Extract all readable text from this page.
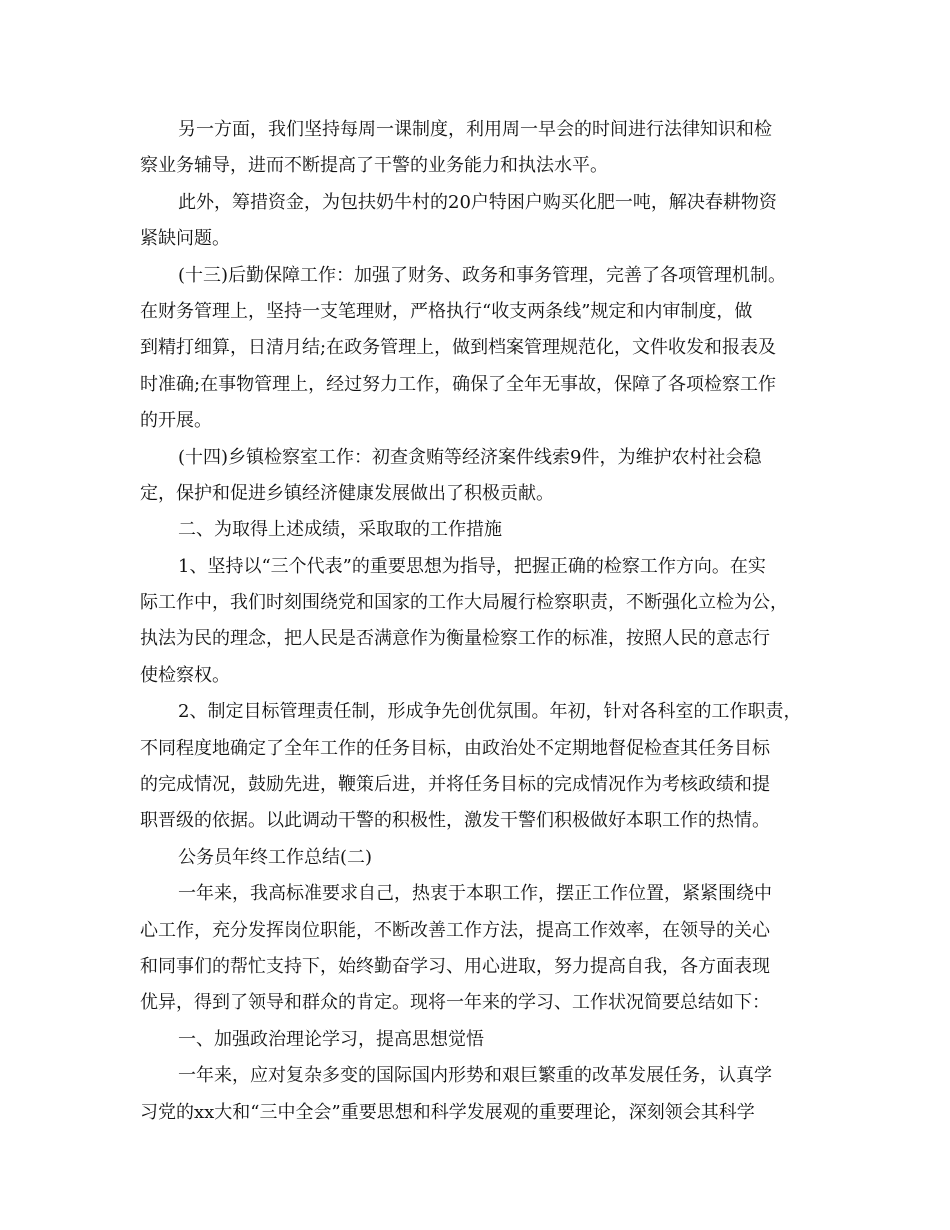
另一方面，我们坚持每周一课制度，利用周一早会的时间进行法律知识和检
察业务辅导，进而不断提高了干警的业务能力和执法水平。
此外，筹措资金，为包扶奶牛村的20户特困户购买化肥一吨，解决春耕物资
紧缺问题。
(十三)后勤保障工作：加强了财务、政务和事务管理，完善了各项管理机制。
在财务管理上，坚持一支笔理财，严格执行“收支两条线”规定和内审制度，做
到精打细算，日清月结;在政务管理上，做到档案管理规范化，文件收发和报表及
时准确;在事物管理上，经过努力工作，确保了全年无事故，保障了各项检察工作
的开展。
(十四)乡镇检察室工作：初查贪贿等经济案件线索9件，为维护农村社会稳
定，保护和促进乡镇经济健康发展做出了积极贡献。
二、为取得上述成绩，采取取的工作措施
1、坚持以“三个代表”的重要思想为指导，把握正确的检察工作方向。在实
际工作中，我们时刻围绕党和国家的工作大局履行检察职责，不断强化立检为公，
执法为民的理念，把人民是否满意作为衡量检察工作的标准，按照人民的意志行
使检察权。
2、制定目标管理责任制，形成争先创优氛围。年初，针对各科室的工作职责，
不同程度地确定了全年工作的任务目标，由政治处不定期地督促检查其任务目标
的完成情况，鼓励先进，鞭策后进，并将任务目标的完成情况作为考核政绩和提
职晋级的依据。以此调动干警的积极性，激发干警们积极做好本职工作的热情。
公务员年终工作总结(二)
一年来，我高标准要求自己，热衷于本职工作，摆正工作位置，紧紧围绕中
心工作，充分发挥岗位职能，不断改善工作方法，提高工作效率，在领导的关心
和同事们的帮忙支持下，始终勤奋学习、用心进取，努力提高自我，各方面表现
优异，得到了领导和群众的肯定。现将一年来的学习、工作状况简要总结如下：
一、加强政治理论学习，提高思想觉悟
一年来，应对复杂多变的国际国内形势和艰巨繁重的改革发展任务，认真学
习党的xx大和“三中全会”重要思想和科学发展观的重要理论，深刻领会其科学
